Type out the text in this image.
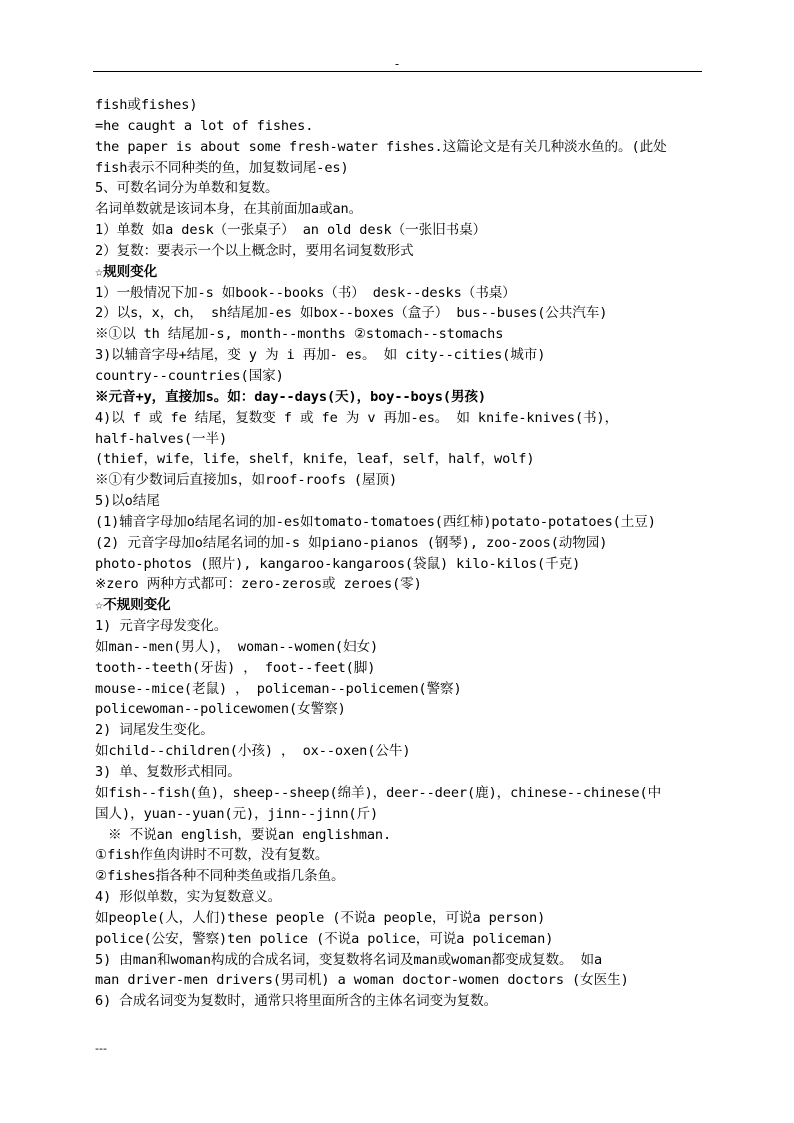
-
fish或fishes)
=he caught a lot of fishes.
the paper is about some fresh-water fishes.这篇论文是有关几种淡水鱼的。(此处
fish表示不同种类的鱼，加复数词尾-es)
5、可数名词分为单数和复数。
名词单数就是该词本身，在其前面加a或an。
1）单数 如a desk（一张桌子） an old desk（一张旧书桌）
2）复数：要表示一个以上概念时，要用名词复数形式
☆规则变化
1）一般情况下加-s 如book--books（书） desk--desks（书桌）
2）以s，x，ch， sh结尾加-es 如box--boxes（盒子） bus--buses(公共汽车)
※①以 th 结尾加-s, month--months ②stomach--stomachs
3)以辅音字母+结尾，变 y 为 i 再加- es。 如 city--cities(城市)
country--countries(国家)
※元音+y，直接加s。如：day--days(天)，boy--boys(男孩)
4)以 f 或 fe 结尾，复数变 f 或 fe 为 v 再加-es。 如 knife-knives(书)，
half-halves(一半)
(thief，wife，life，shelf，knife，leaf，self，half，wolf)
※①有少数词后直接加s，如roof-roofs (屋顶)
5)以o结尾
(1)辅音字母加o结尾名词的加-es如tomato-tomatoes(西红柿)potato-potatoes(土豆)
(2) 元音字母加o结尾名词的加-s 如piano-pianos (钢琴), zoo-zoos(动物园)
photo-photos (照片), kangaroo-kangaroos(袋鼠) kilo-kilos(千克)
※zero 两种方式都可：zero-zeros或 zeroes(零)
☆不规则变化
1) 元音字母发变化。
如man--men(男人)， woman--women(妇女)
tooth--teeth(牙齿) ， foot--feet(脚)
mouse--mice(老鼠) ， policeman--policemen(警察)
policewoman--policewomen(女警察)
2) 词尾发生变化。
如child--children(小孩) ， ox--oxen(公牛)
3) 单、复数形式相同。
如fish--fish(鱼)，sheep--sheep(绵羊)，deer--deer(鹿)，chinese--chinese(中
国人)，yuan--yuan(元)，jinn--jinn(斤)
※ 不说an english，要说an englishman.
①fish作鱼肉讲时不可数，没有复数。
②fishes指各种不同种类鱼或指几条鱼。
4) 形似单数，实为复数意义。
如people(人，人们)these people (不说a people，可说a person)
police(公安，警察)ten police (不说a police，可说a policeman)
5) 由man和woman构成的合成名词，变复数将名词及man或woman都变成复数。 如a
man driver-men drivers(男司机) a woman doctor-women doctors (女医生)
6) 合成名词变为复数时，通常只将里面所含的主体名词变为复数。
---
